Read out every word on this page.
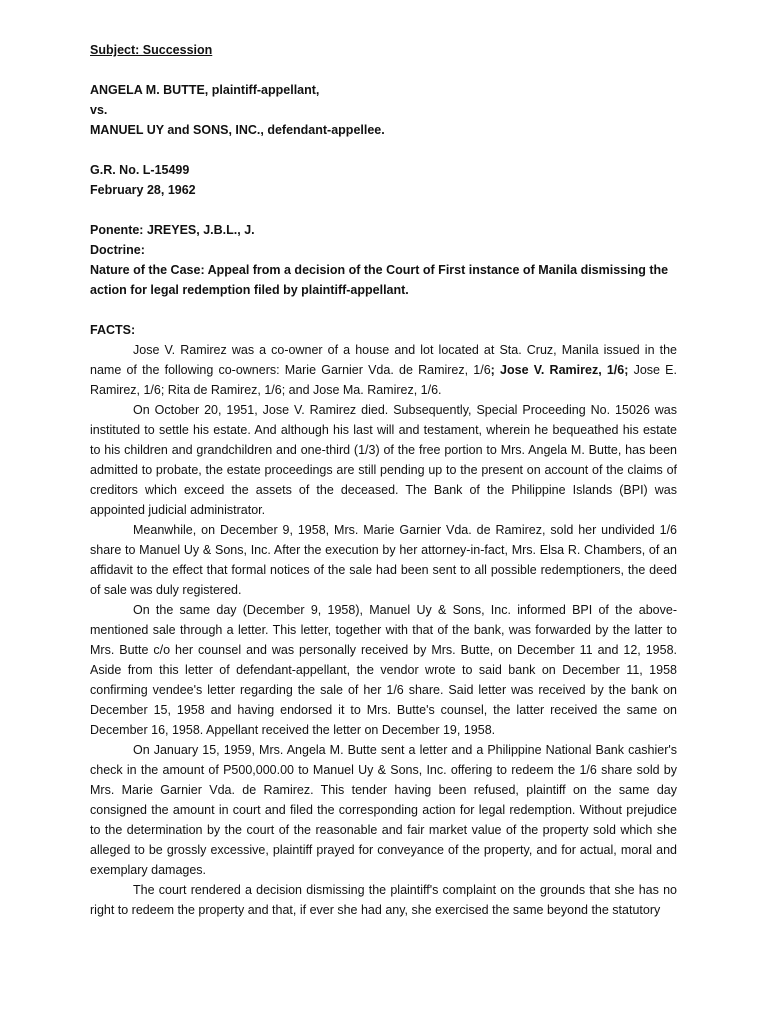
Subject: Succession
ANGELA M. BUTTE, plaintiff-appellant,
vs.
MANUEL UY and SONS, INC., defendant-appellee.
G.R. No. L-15499
February 28, 1962
Ponente: JREYES, J.B.L., J.
Doctrine:
Nature of the Case: Appeal from a decision of the Court of First instance of Manila dismissing the
action for legal redemption filed by plaintiff-appellant.
FACTS:
Jose V. Ramirez was a co-owner of a house and lot located at Sta. Cruz, Manila issued in the name of the following co-owners: Marie Garnier Vda. de Ramirez, 1/6; Jose V. Ramirez, 1/6; Jose E. Ramirez, 1/6; Rita de Ramirez, 1/6; and Jose Ma. Ramirez, 1/6.
On October 20, 1951, Jose V. Ramirez died. Subsequently, Special Proceeding No. 15026 was instituted to settle his estate. And although his last will and testament, wherein he bequeathed his estate to his children and grandchildren and one-third (1/3) of the free portion to Mrs. Angela M. Butte, has been admitted to probate, the estate proceedings are still pending up to the present on account of the claims of creditors which exceed the assets of the deceased. The Bank of the Philippine Islands (BPI) was appointed judicial administrator.
Meanwhile, on December 9, 1958, Mrs. Marie Garnier Vda. de Ramirez, sold her undivided 1/6 share to Manuel Uy & Sons, Inc. After the execution by her attorney-in-fact, Mrs. Elsa R. Chambers, of an affidavit to the effect that formal notices of the sale had been sent to all possible redemptioners, the deed of sale was duly registered.
On the same day (December 9, 1958), Manuel Uy & Sons, Inc. informed BPI of the above-mentioned sale through a letter. This letter, together with that of the bank, was forwarded by the latter to Mrs. Butte c/o her counsel and was personally received by Mrs. Butte, on December 11 and 12, 1958. Aside from this letter of defendant-appellant, the vendor wrote to said bank on December 11, 1958 confirming vendee's letter regarding the sale of her 1/6 share. Said letter was received by the bank on December 15, 1958 and having endorsed it to Mrs. Butte's counsel, the latter received the same on December 16, 1958. Appellant received the letter on December 19, 1958.
On January 15, 1959, Mrs. Angela M. Butte sent a letter and a Philippine National Bank cashier's check in the amount of P500,000.00 to Manuel Uy & Sons, Inc. offering to redeem the 1/6 share sold by Mrs. Marie Garnier Vda. de Ramirez. This tender having been refused, plaintiff on the same day consigned the amount in court and filed the corresponding action for legal redemption. Without prejudice to the determination by the court of the reasonable and fair market value of the property sold which she alleged to be grossly excessive, plaintiff prayed for conveyance of the property, and for actual, moral and exemplary damages.
The court rendered a decision dismissing the plaintiff's complaint on the grounds that she has no right to redeem the property and that, if ever she had any, she exercised the same beyond the statutory
